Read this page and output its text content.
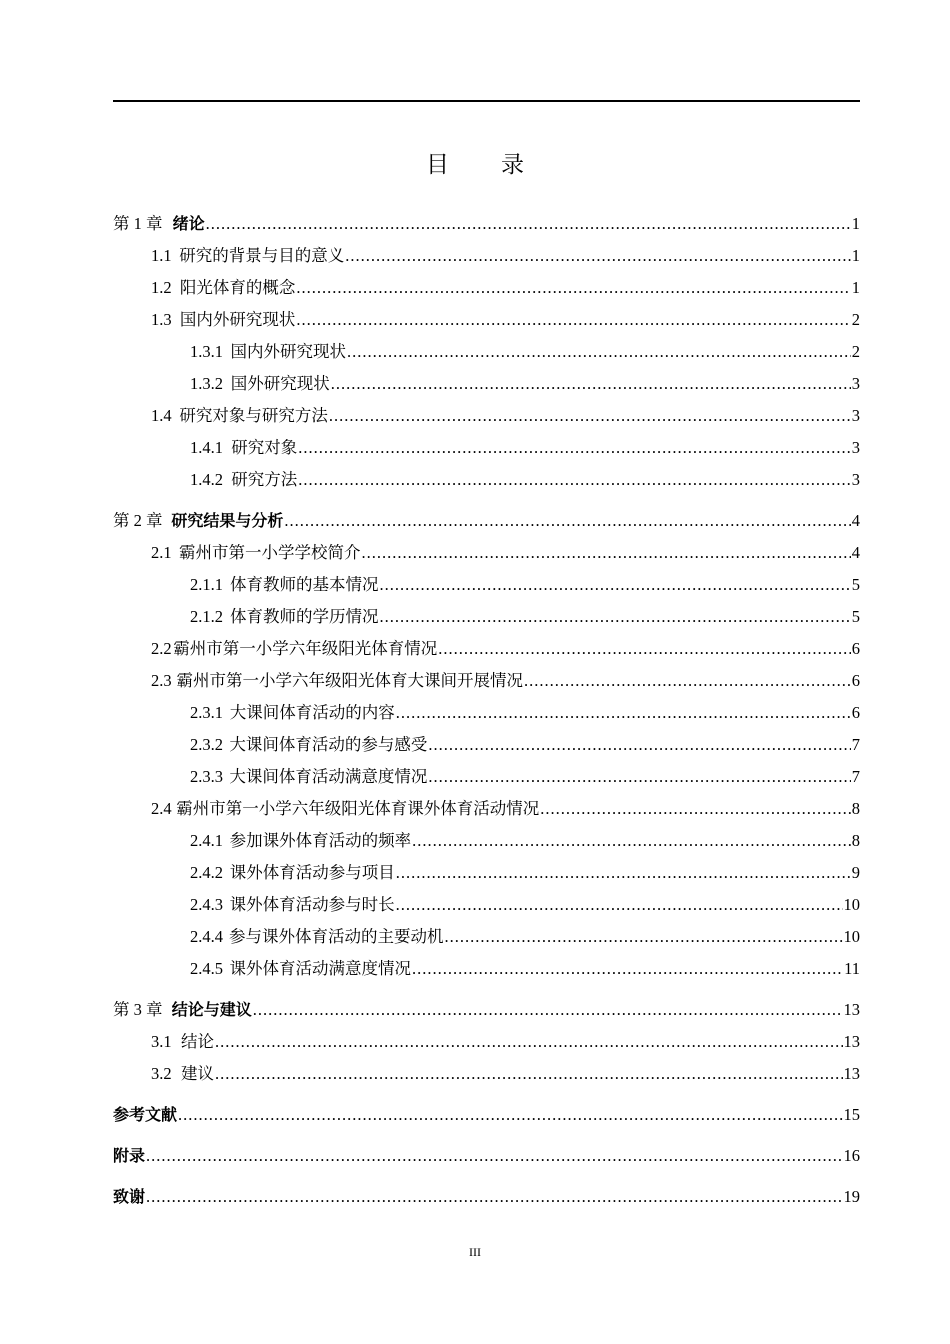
目 录
第 1 章 绪论 .....	1
1.1 研究的背景与目的意义 .....	1
1.2 阳光体育的概念 .....	1
1.3 国内外研究现状 .....	2
1.3.1 国内外研究现状 .....	2
1.3.2 国外研究现状 .....	3
1.4 研究对象与研究方法 .....	3
1.4.1 研究对象 .....	3
1.4.2 研究方法 .....	3
第 2 章 研究结果与分析 .....	4
2.1 霸州市第一小学学校简介 .....	4
2.1.1 体育教师的基本情况 .....	5
2.1.2 体育教师的学历情况 .....	5
2.2 霸州市第一小学六年级阳光体育情况 .....	6
2.3 霸州市第一小学六年级阳光体育大课间开展情况 .....	6
2.3.1 大课间体育活动的内容 .....	6
2.3.2 大课间体育活动的参与感受 .....	7
2.3.3 大课间体育活动满意度情况 .....	7
2.4 霸州市第一小学六年级阳光体育课外体育活动情况 .....	8
2.4.1 参加课外体育活动的频率 .....	8
2.4.2 课外体育活动参与项目 .....	9
2.4.3 课外体育活动参与时长 .....	10
2.4.4 参与课外体育活动的主要动机 .....	10
2.4.5 课外体育活动满意度情况 .....	11
第 3 章 结论与建议 .....	13
3.1 结论 .....	13
3.2 建议 .....	13
参考文献 .....	15
附录 .....	16
致谢 .....	19
III
